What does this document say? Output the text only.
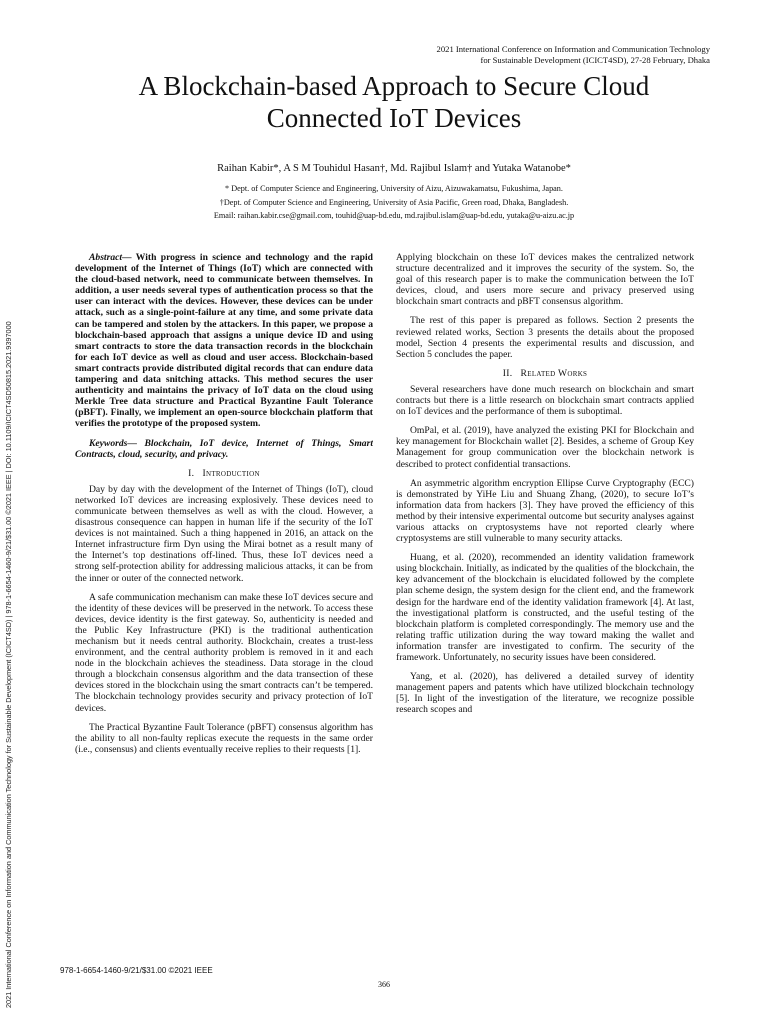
2021 International Conference on Information and Communication Technology for Sustainable Development (ICICT4SD) | 978-1-6654-1460-9/21/$31.00 ©2021 IEEE | DOI: 10.1109/ICICT4SD50815.2021.9397000
2021 International Conference on Information and Communication Technology
for Sustainable Development (ICICT4SD), 27-28 February, Dhaka
A Blockchain-based Approach to Secure Cloud
Connected IoT Devices
Raihan Kabir*, A S M Touhidul Hasan†, Md. Rajibul Islam† and Yutaka Watanobe*
* Dept. of Computer Science and Engineering, University of Aizu, Aizuwakamatsu, Fukushima, Japan.
†Dept. of Computer Science and Engineering, University of Asia Pacific, Green road, Dhaka, Bangladesh.
Email: raihan.kabir.cse@gmail.com, touhid@uap-bd.edu, md.rajibul.islam@uap-bd.edu, yutaka@u-aizu.ac.jp

Abstract— With progress in science and technology and the rapid development of the Internet of Things (IoT) which are connected with the cloud-based network, need to communicate between themselves. In addition, a user needs several types of authentication process so that the user can interact with the devices. However, these devices can be under attack, such as a single-point-failure at any time, and some private data can be tampered and stolen by the attackers. In this paper, we propose a blockchain-based approach that assigns a unique device ID and using smart contracts to store the data transaction records in the blockchain for each IoT device as well as cloud and user access. Blockchain-based smart contracts provide distributed digital records that can endure data tampering and data snitching attacks. This method secures the user authenticity and maintains the privacy of IoT data on the cloud using Merkle Tree data structure and Practical Byzantine Fault Tolerance (pBFT). Finally, we implement an open-source blockchain platform that verifies the prototype of the proposed system.

Keywords— Blockchain, IoT device, Internet of Things, Smart Contracts, cloud, security, and privacy.

I. Introduction

Day by day with the development of the Internet of Things (IoT), cloud networked IoT devices are increasing explosively. These devices need to communicate between themselves as well as with the cloud. However, a disastrous consequence can happen in human life if the security of the IoT devices is not maintained. Such a thing happened in 2016, an attack on the Internet infrastructure firm Dyn using the Mirai botnet as a result many of the Internet’s top destinations off-lined. Thus, these IoT devices need a strong self-protection ability for addressing malicious attacks, it can be from the inner or outer of the connected network.

A safe communication mechanism can make these IoT devices secure and the identity of these devices will be preserved in the network. To access these devices, device identity is the first gateway. So, authenticity is needed and the Public Key Infrastructure (PKI) is the traditional authentication mechanism but it needs central authority. Blockchain, creates a trust-less environment, and the central authority problem is removed in it and each node in the blockchain achieves the steadiness. Data storage in the cloud through a blockchain consensus algorithm and the data transection of these devices stored in the blockchain using the smart contracts can’t be tempered. The blockchain technology provides security and privacy protection of IoT devices.

The Practical Byzantine Fault Tolerance (pBFT) consensus algorithm has the ability to all non-faulty replicas execute the requests in the same order (i.e., consensus) and clients eventually receive replies to their requests [1].

Applying blockchain on these IoT devices makes the centralized network structure decentralized and it improves the security of the system. So, the goal of this research paper is to make the communication between the IoT devices, cloud, and users more secure and privacy preserved using blockchain smart contracts and pBFT consensus algorithm.

The rest of this paper is prepared as follows. Section 2 presents the reviewed related works, Section 3 presents the details about the proposed model, Section 4 presents the experimental results and discussion, and Section 5 concludes the paper.

II. Related Works

Several researchers have done much research on blockchain and smart contracts but there is a little research on blockchain smart contracts applied on IoT devices and the performance of them is suboptimal.

OmPal, et al. (2019), have analyzed the existing PKI for Blockchain and key management for Blockchain wallet [2]. Besides, a scheme of Group Key Management for group communication over the blockchain network is described to protect confidential transactions.

An asymmetric algorithm encryption Ellipse Curve Cryptography (ECC) is demonstrated by YiHe Liu and Shuang Zhang, (2020), to secure IoT’s information data from hackers [3]. They have proved the efficiency of this method by their intensive experimental outcome but security analyses against various attacks on cryptosystems have not reported clearly where cryptosystems are still vulnerable to many security attacks.

Huang, et al. (2020), recommended an identity validation framework using blockchain. Initially, as indicated by the qualities of the blockchain, the key advancement of the blockchain is elucidated followed by the complete plan scheme design, the system design for the client end, and the framework design for the hardware end of the identity validation framework [4]. At last, the investigational platform is constructed, and the useful testing of the blockchain platform is completed correspondingly. The memory use and the relating traffic utilization during the way toward making the wallet and information transfer are investigated to confirm. The security of the framework. Unfortunately, no security issues have been considered.

Yang, et al. (2020), has delivered a detailed survey of identity management papers and patents which have utilized blockchain technology [5]. In light of the investigation of the literature, we recognize possible research scopes and

978-1-6654-1460-9/21/$31.00 ©2021 IEEE
366
